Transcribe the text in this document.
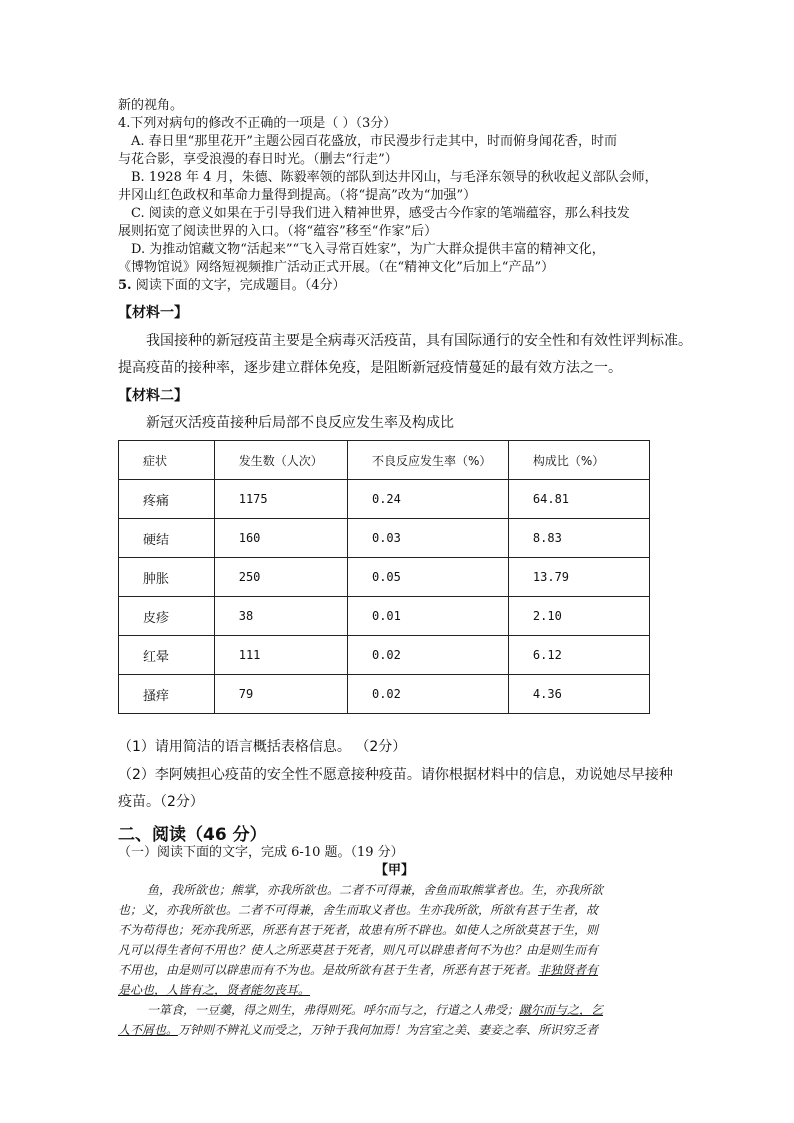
新的视角。
4.下列对病句的修改不正确的一项是（ ）（3分）
A. 春日里“那里花开”主题公园百花盛放，市民漫步行走其中，时而俯身闻花香，时而
与花合影，享受浪漫的春日时光。（删去“行走”）
B. 1928 年 4 月，朱德、陈毅率领的部队到达井冈山，与毛泽东领导的秋收起义部队会师，
井冈山红色政权和革命力量得到提高。（将“提高”改为“加强”）
C. 阅读的意义如果在于引导我们进入精神世界，感受古今作家的笔端蕴容，那么科技发
展则拓宽了阅读世界的入口。（将“蕴容”移至“作家”后）
D. 为推动馆藏文物“活起来”“飞入寻常百姓家”，为广大群众提供丰富的精神文化，
《博物馆说》网络短视频推广活动正式开展。（在“精神文化”后加上“产品”）
5. 阅读下面的文字，完成题目。（4分）
【材料一】
我国接种的新冠疫苗主要是全病毒灭活疫苗，具有国际通行的安全性和有效性评判标准。
提高疫苗的接种率，逐步建立群体免疫，是阻断新冠疫情蔓延的最有效方法之一。
【材料二】
新冠灭活疫苗接种后局部不良反应发生率及构成比
症状	发生数（人次）	不良反应发生率（%）	构成比（%）
疼痛	1175	0.24	64.81
硬结	160	0.03	8.83
肿胀	250	0.05	13.79
皮疹	38	0.01	2.10
红晕	111	0.02	6.12
搔痒	79	0.02	4.36
（1）请用简洁的语言概括表格信息。 （2分）
（2）李阿姨担心疫苗的安全性不愿意接种疫苗。请你根据材料中的信息，劝说她尽早接种
疫苗。（2分）
二、阅读（46 分）
（一）阅读下面的文字，完成 6-10 题。（19 分）
【甲】
鱼，我所欲也；熊掌，亦我所欲也。二者不可得兼，舍鱼而取熊掌者也。生，亦我所欲
也；义，亦我所欲也。二者不可得兼，舍生而取义者也。生亦我所欲，所欲有甚于生者，故
不为苟得也；死亦我所恶，所恶有甚于死者，故患有所不辟也。如使人之所欲莫甚于生，则
凡可以得生者何不用也？使人之所恶莫甚于死者，则凡可以辟患者何不为也？由是则生而有
不用也，由是则可以辟患而有不为也。是故所欲有甚于生者，所恶有甚于死者。非独贤者有
是心也，人皆有之，贤者能勿丧耳。
一箪食，一豆羹，得之则生，弗得则死。呼尔而与之，行道之人弗受；蹴尔而与之，乞
人不屑也。万钟则不辨礼义而受之，万钟于我何加焉！为宫室之美、妻妾之奉、所识穷乏者
